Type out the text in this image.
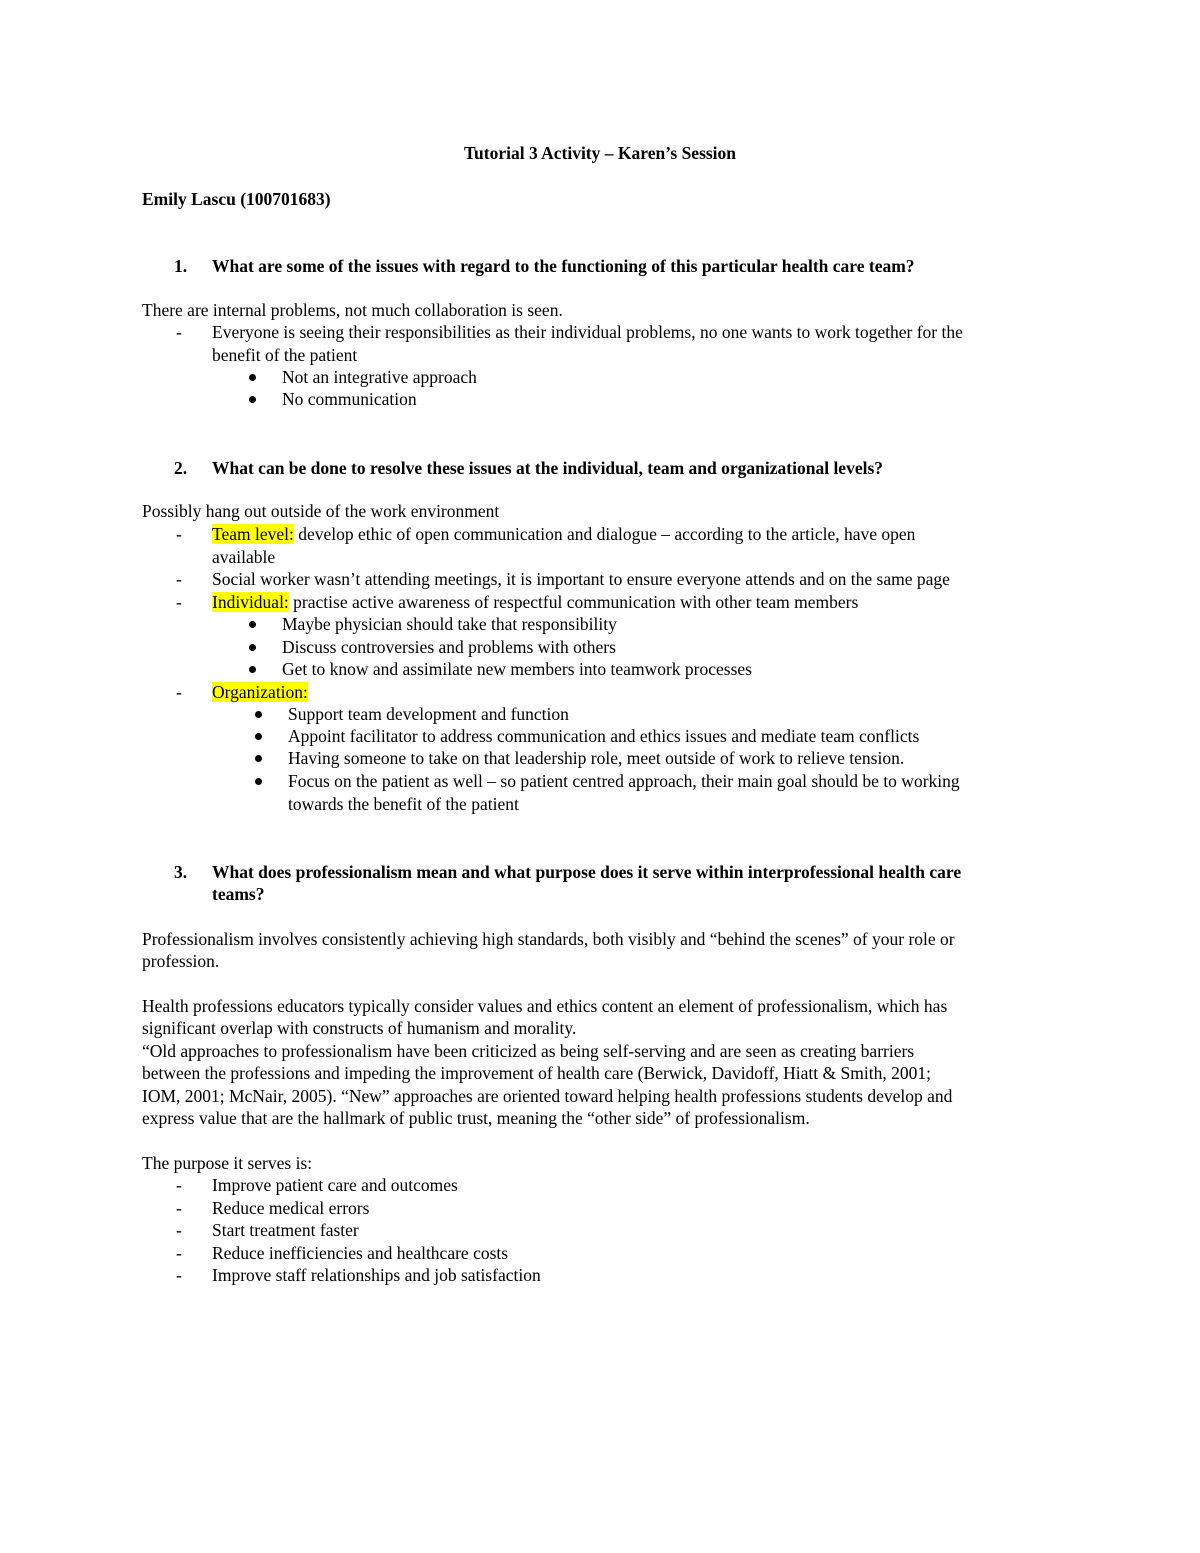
Tutorial 3 Activity – Karen’s Session
Emily Lascu (100701683)
1. What are some of the issues with regard to the functioning of this particular health care team?
There are internal problems, not much collaboration is seen.
- Everyone is seeing their responsibilities as their individual problems, no one wants to work together for the
benefit of the patient
Not an integrative approach
No communication
2. What can be done to resolve these issues at the individual, team and organizational levels?
Possibly hang out outside of the work environment
- Team level: develop ethic of open communication and dialogue – according to the article, have open
available
- Social worker wasn’t attending meetings, it is important to ensure everyone attends and on the same page
- Individual: practise active awareness of respectful communication with other team members
Maybe physician should take that responsibility
Discuss controversies and problems with others
Get to know and assimilate new members into teamwork processes
- Organization:
Support team development and function
Appoint facilitator to address communication and ethics issues and mediate team conflicts
Having someone to take on that leadership role, meet outside of work to relieve tension.
Focus on the patient as well – so patient centred approach, their main goal should be to working
towards the benefit of the patient
3. What does professionalism mean and what purpose does it serve within interprofessional health care
teams?
Professionalism involves consistently achieving high standards, both visibly and “behind the scenes” of your role or
profession.
Health professions educators typically consider values and ethics content an element of professionalism, which has
significant overlap with constructs of humanism and morality.
“Old approaches to professionalism have been criticized as being self-serving and are seen as creating barriers
between the professions and impeding the improvement of health care (Berwick, Davidoff, Hiatt & Smith, 2001;
IOM, 2001; McNair, 2005). “New” approaches are oriented toward helping health professions students develop and
express value that are the hallmark of public trust, meaning the “other side” of professionalism.
The purpose it serves is:
- Improve patient care and outcomes
- Reduce medical errors
- Start treatment faster
- Reduce inefficiencies and healthcare costs
- Improve staff relationships and job satisfaction
